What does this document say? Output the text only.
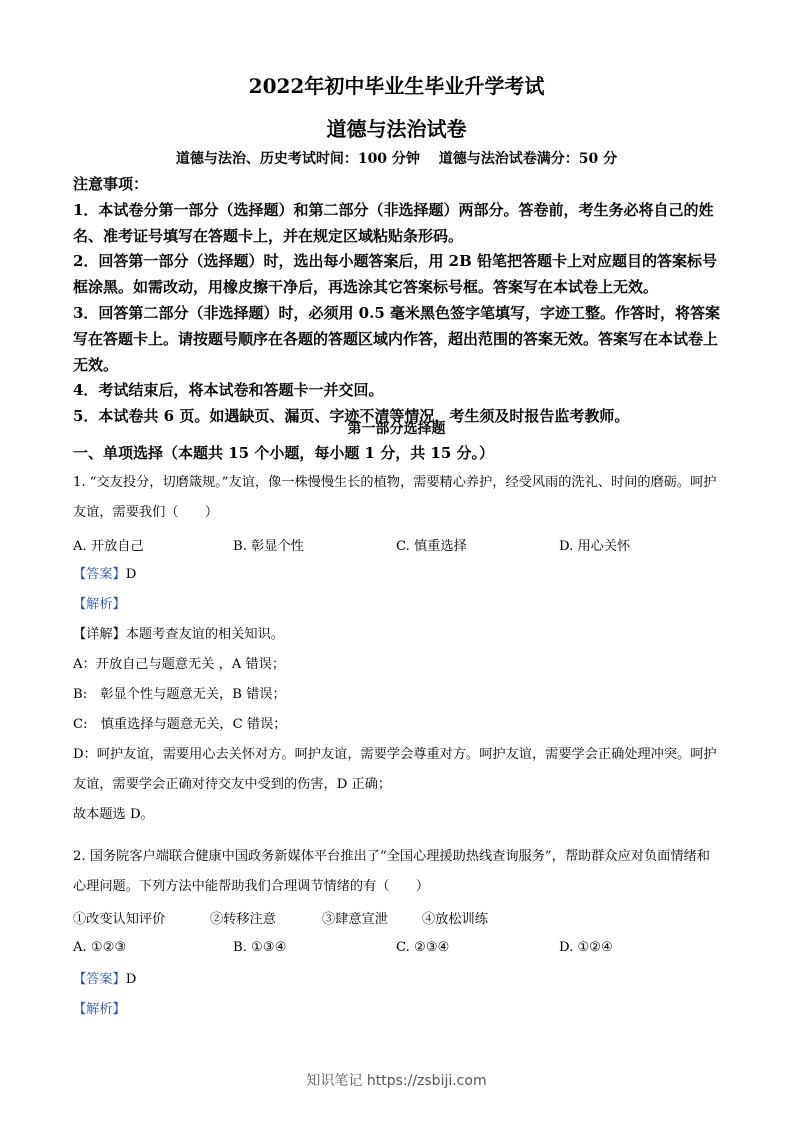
2022年初中毕业生毕业升学考试
道德与法治试卷
道德与法治、历史考试时间：100 分钟　 道德与法治试卷满分：50 分

注意事项：

1．本试卷分第一部分（选择题）和第二部分（非选择题）两部分。答卷前，考生务必将自己的姓名、准考证号填写在答题卡上，并在规定区域粘贴条形码。

2．回答第一部分（选择题）时，选出每小题答案后，用 2B 铅笔把答题卡上对应题目的答案标号框涂黑。如需改动，用橡皮擦干净后，再选涂其它答案标号框。答案写在本试卷上无效。

3．回答第二部分（非选择题）时，必须用 0.5 毫米黑色签字笔填写，字迹工整。作答时，将答案写在答题卡上。请按题号顺序在各题的答题区域内作答，超出范围的答案无效。答案写在本试卷上无效。

4．考试结束后，将本试卷和答题卡一并交回。

5．本试卷共 6 页。如遇缺页、漏页、字迹不清等情况，考生须及时报告监考教师。

第一部分选择题
一、单项选择（本题共 15 个小题，每小题 1 分，共 15 分。）

1. “交友投分，切磨箴规。”友谊，像一株慢慢生长的植物，需要精心养护，经受风雨的洗礼、时间的磨砺。呵护友谊，需要我们（　　）

A. 开放自己	B. 彰显个性	C. 慎重选择	D. 用心关怀

【答案】D

【解析】

【详解】本题考查友谊的相关知识。

A：开放自己与题意无关 ，A 错误；

B:　彰显个性与题意无关，B 错误；

C:　慎重选择与题意无关，C 错误；

D：呵护友谊，需要用心去关怀对方。呵护友谊，需要学会尊重对方。呵护友谊，需要学会正确处理冲突。呵护友谊，需要学会正确对待交友中受到的伤害，D 正确；

故本题选 D。

2. 国务院客户端联合健康中国政务新媒体平台推出了“全国心理援助热线查询服务”，帮助群众应对负面情绪和心理问题。下列方法中能帮助我们合理调节情绪的有（　　）

①改变认知评价	②转移注意	③肆意宣泄	④放松训练
A. ①②③	B. ①③④	C. ②③④	D. ①②④

【答案】D

【解析】

知识笔记 https://zsbiji.com
